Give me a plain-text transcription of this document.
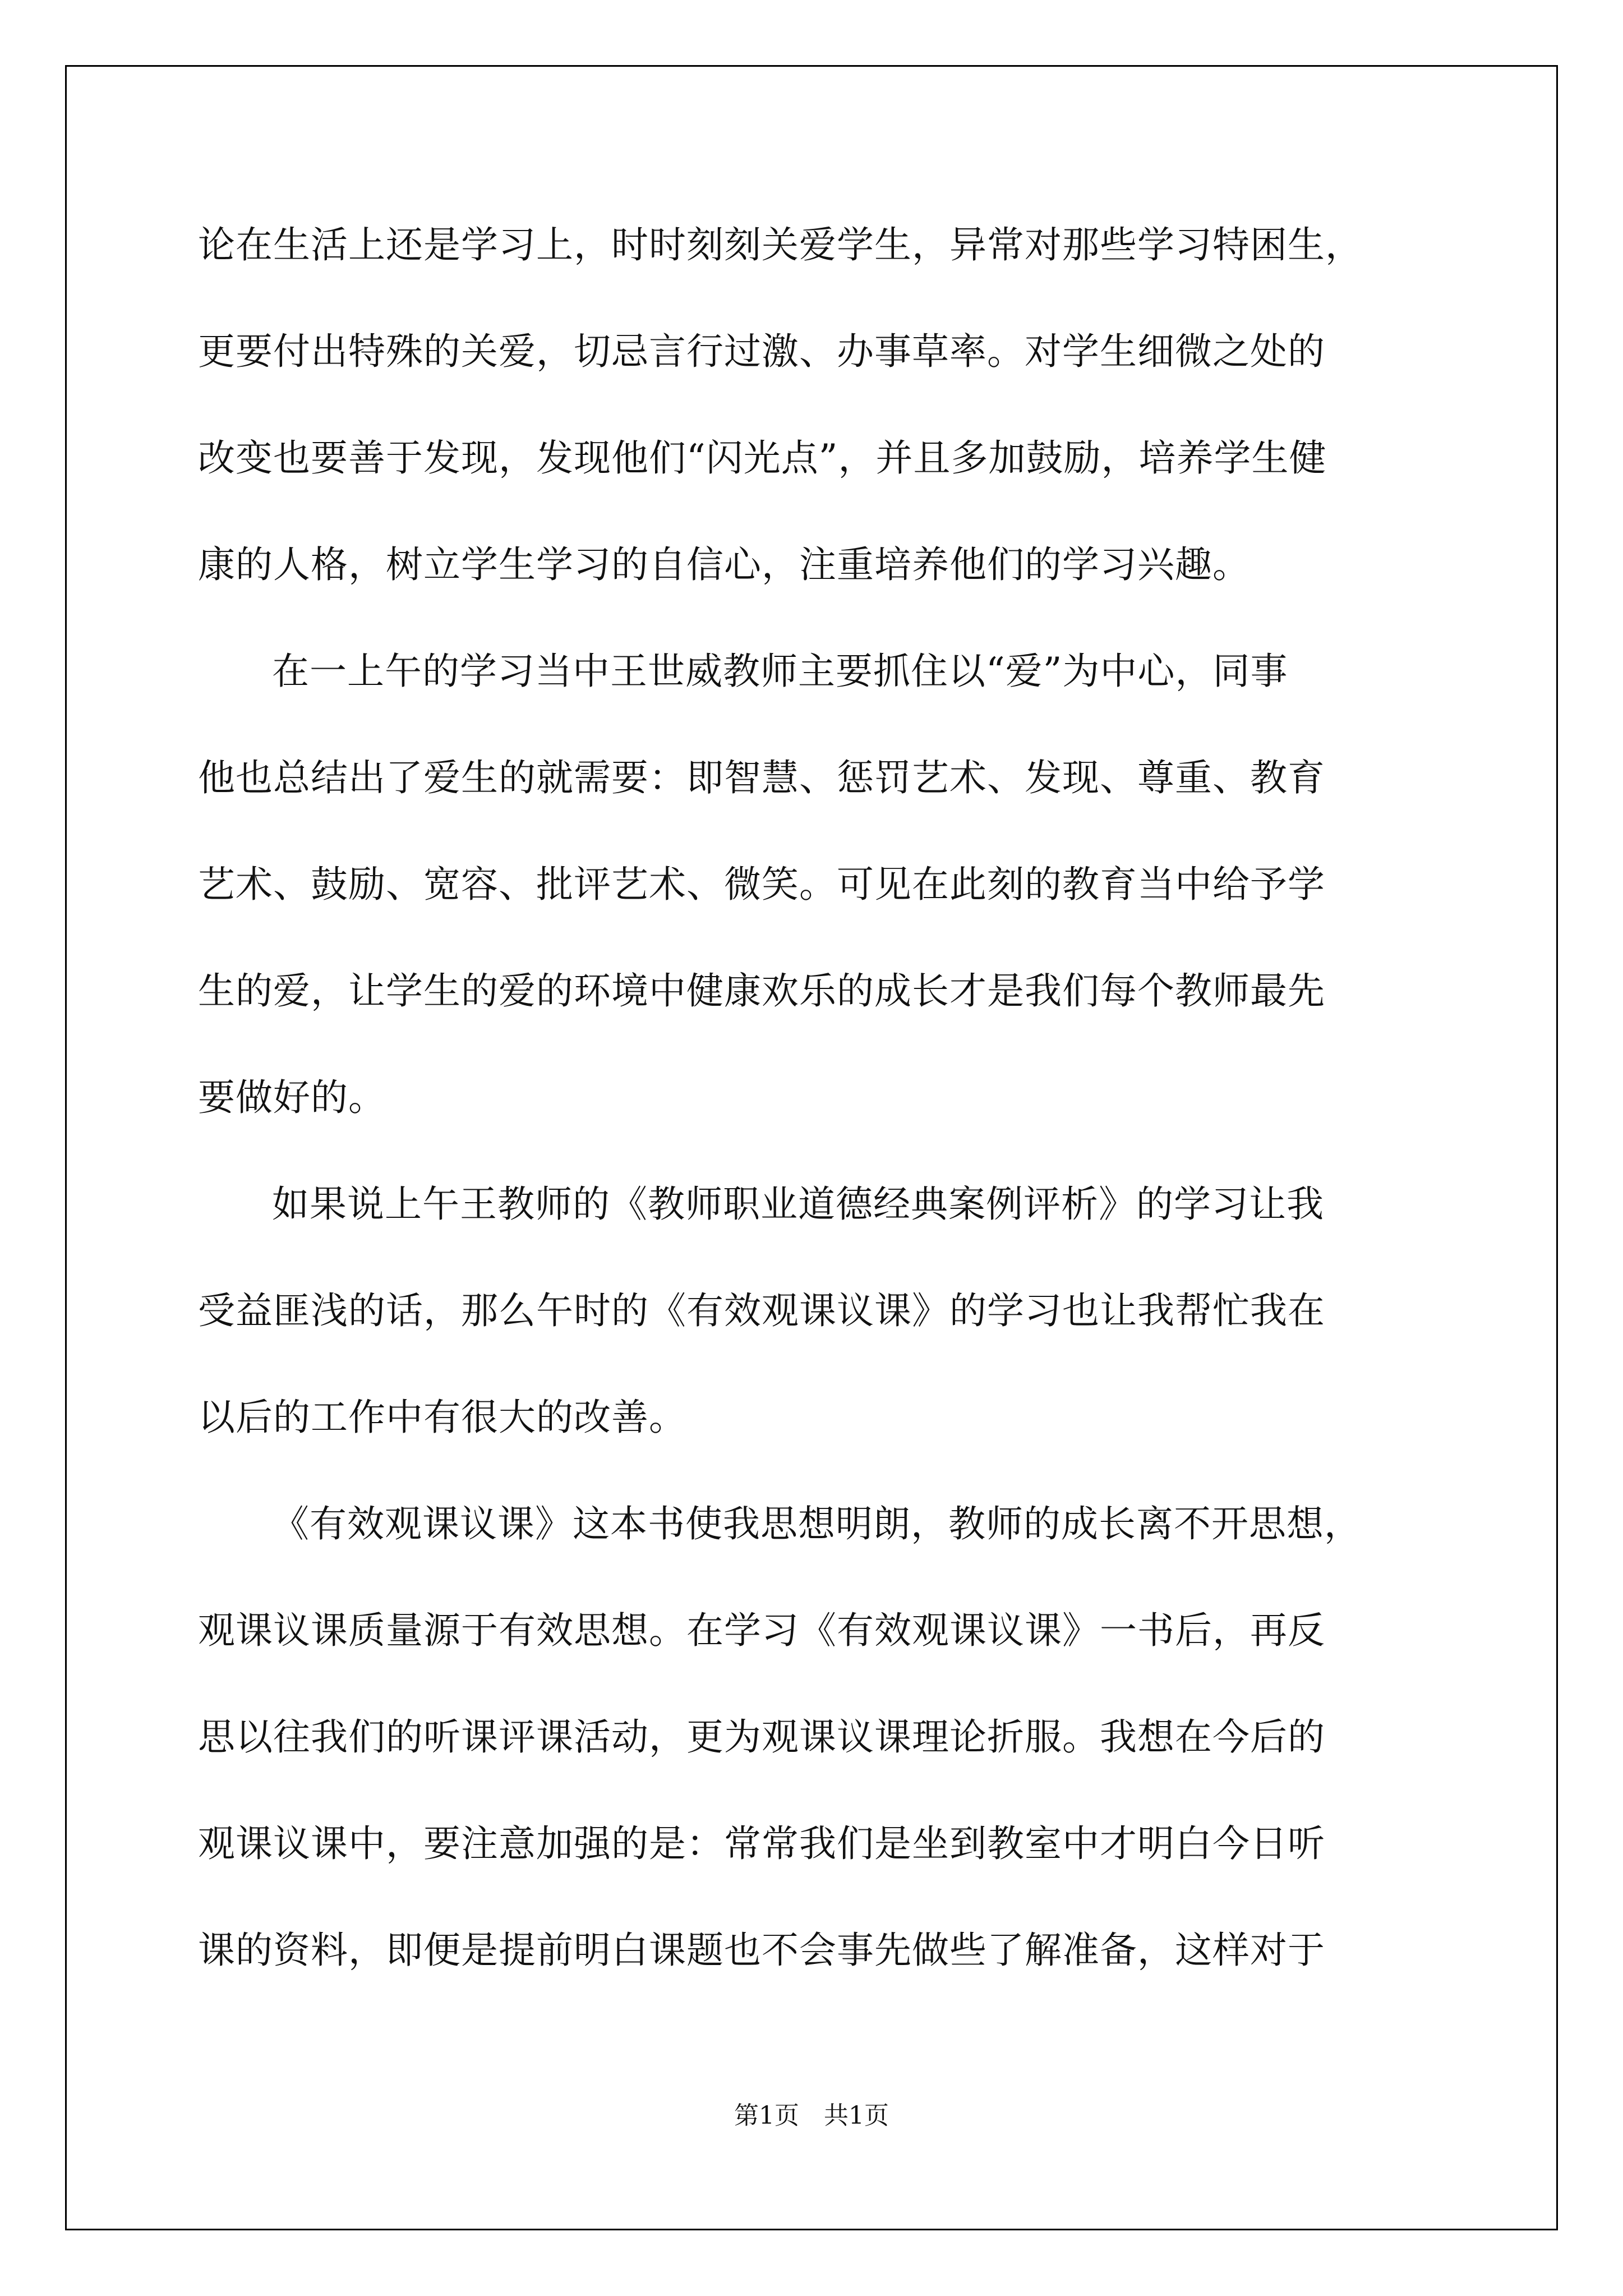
论在生活上还是学习上，时时刻刻关爱学生，异常对那些学习特困生，
更要付出特殊的关爱，切忌言行过激、办事草率。对学生细微之处的
改变也要善于发现，发现他们“闪光点”，并且多加鼓励，培养学生健
康的人格，树立学生学习的自信心，注重培养他们的学习兴趣。
在一上午的学习当中王世威教师主要抓住以“爱”为中心，同事
他也总结出了爱生的就需要：即智慧、惩罚艺术、发现、尊重、教育
艺术、鼓励、宽容、批评艺术、微笑。可见在此刻的教育当中给予学
生的爱，让学生的爱的环境中健康欢乐的成长才是我们每个教师最先
要做好的。
如果说上午王教师的《教师职业道德经典案例评析》的学习让我
受益匪浅的话，那么午时的《有效观课议课》的学习也让我帮忙我在
以后的工作中有很大的改善。
《有效观课议课》这本书使我思想明朗，教师的成长离不开思想，
观课议课质量源于有效思想。在学习《有效观课议课》一书后，再反
思以往我们的听课评课活动，更为观课议课理论折服。我想在今后的
观课议课中，要注意加强的是：常常我们是坐到教室中才明白今日听
课的资料，即便是提前明白课题也不会事先做些了解准备，这样对于
第1页　共1页
